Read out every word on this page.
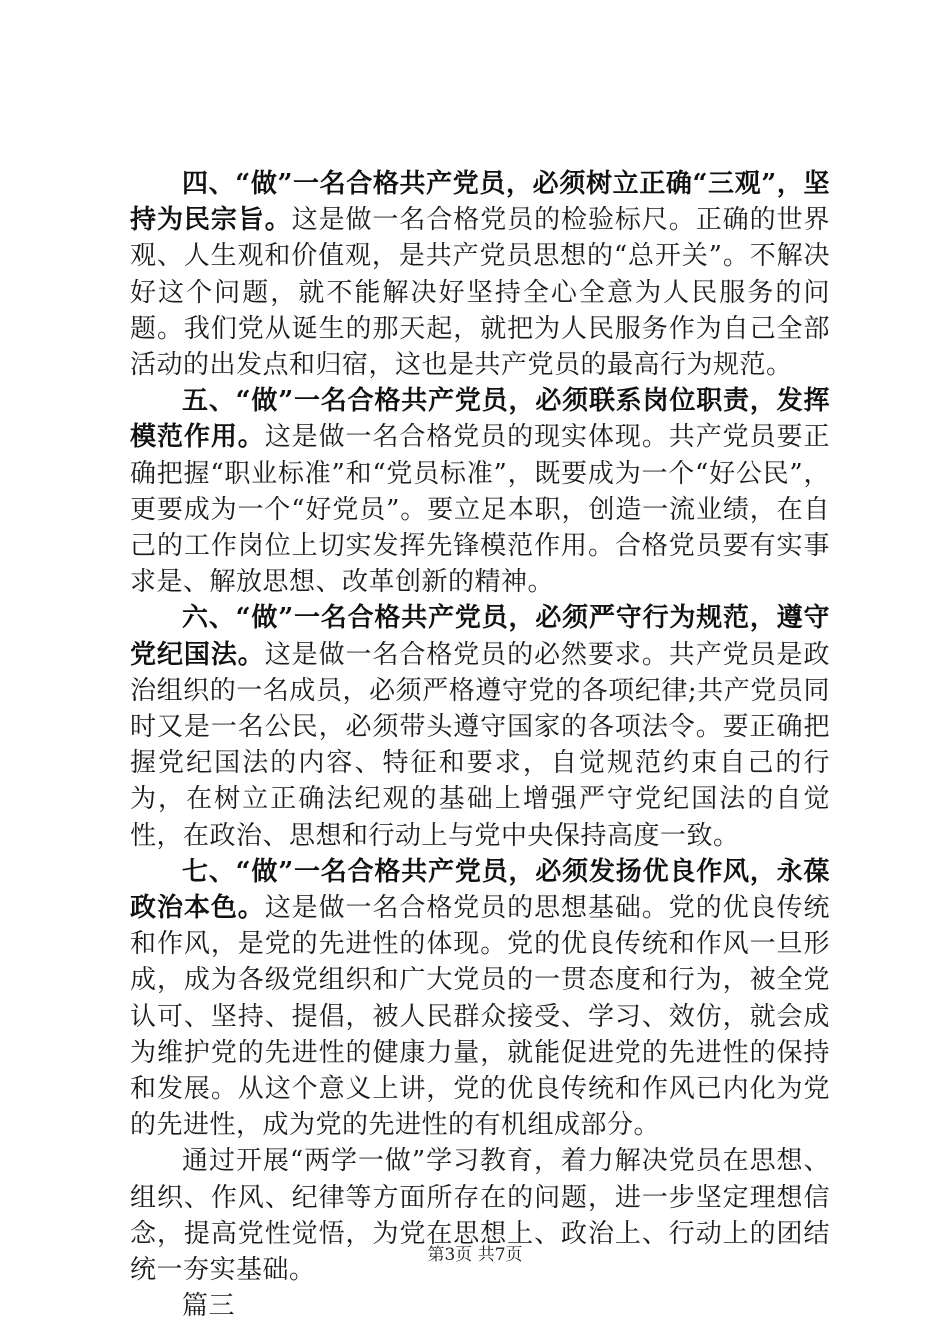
四、“做”一名合格共产党员，必须树立正确“三观”，坚持为民宗旨。这是做一名合格党员的检验标尺。正确的世界观、人生观和价值观，是共产党员思想的“总开关”。不解决好这个问题，就不能解决好坚持全心全意为人民服务的问题。我们党从诞生的那天起，就把为人民服务作为自己全部活动的出发点和归宿，这也是共产党员的最高行为规范。

五、“做”一名合格共产党员，必须联系岗位职责，发挥模范作用。这是做一名合格党员的现实体现。共产党员要正确把握“职业标准”和“党员标准”，既要成为一个“好公民”，更要成为一个“好党员”。要立足本职，创造一流业绩，在自己的工作岗位上切实发挥先锋模范作用。合格党员要有实事求是、解放思想、改革创新的精神。

六、“做”一名合格共产党员，必须严守行为规范，遵守党纪国法。这是做一名合格党员的必然要求。共产党员是政治组织的一名成员，必须严格遵守党的各项纪律;共产党员同时又是一名公民，必须带头遵守国家的各项法令。要正确把握党纪国法的内容、特征和要求，自觉规范约束自己的行为，在树立正确法纪观的基础上增强严守党纪国法的自觉性，在政治、思想和行动上与党中央保持高度一致。

七、“做”一名合格共产党员，必须发扬优良作风，永葆政治本色。这是做一名合格党员的思想基础。党的优良传统和作风，是党的先进性的体现。党的优良传统和作风一旦形成，成为各级党组织和广大党员的一贯态度和行为，被全党认可、坚持、提倡，被人民群众接受、学习、效仿，就会成为维护党的先进性的健康力量，就能促进党的先进性的保持和发展。从这个意义上讲，党的优良传统和作风已内化为党的先进性，成为党的先进性的有机组成部分。

通过开展“两学一做”学习教育，着力解决党员在思想、组织、作风、纪律等方面所存在的问题，进一步坚定理想信念，提高党性觉悟，为党在思想上、政治上、行动上的团结统一夯实基础。

篇三

第3页 共7页
